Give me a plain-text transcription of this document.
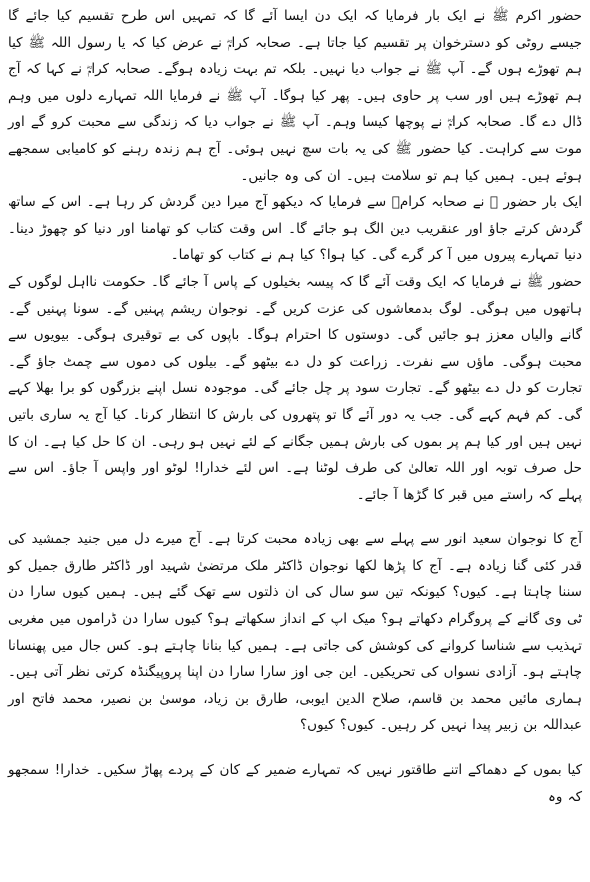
حضور اکرم ﷺ نے ایک بار فرمایا کہ ایک دن ایسا آئے گا کہ تمہیں اس طرح تقسیم کیا جائے گا جیسے روٹی کو دسترخوان پر تقسیم کیا جاتا ہے۔ صحابہ کرامؓ نے عرض کیا کہ یا رسول اللہ ﷺ کیا ہم تھوڑے ہوں گے۔ آپ ﷺ نے جواب دیا نہیں۔ بلکہ تم بہت زیادہ ہوگے۔ صحابہ کرامؓ نے کہا کہ آج ہم تھوڑے ہیں اور سب پر حاوی ہیں۔ پھر کیا ہوگا۔ آپ ﷺ نے فرمایا اللہ تمہارے دلوں میں وہم ڈال دے گا۔ صحابہ کرامؓ نے پوچھا کیسا وہم۔ آپ ﷺ نے جواب دیا کہ زندگی سے محبت کرو گے اور موت سے کراہت۔ کیا حضور ﷺ کی یہ بات سچ نہیں ہوئی۔ آج ہم زندہ رہنے کو کامیابی سمجھے ہوئے ہیں۔ ہمیں کیا ہم تو سلامت ہیں۔ ان کی وہ جانیں۔

ایک بار حضور ﷺ نے صحابہ کرامؓ سے فرمایا کہ دیکھو آج میرا دین گردش کر رہا ہے۔ اس کے ساتھ گردش کرتے جاؤ اور عنقریب دین الگ ہو جائے گا۔ اس وقت کتاب کو تھامنا اور دنیا کو چھوڑ دینا۔ دنیا تمہارے پیروں میں آ کر گرے گی۔ کیا ہوا؟ کیا ہم نے کتاب کو تھاما۔

حضور ﷺ نے فرمایا کہ ایک وقت آئے گا کہ پیسہ بخیلوں کے پاس آ جائے گا۔ حکومت نااہل لوگوں کے ہاتھوں میں ہوگی۔ لوگ بدمعاشوں کی عزت کریں گے۔ نوجوان ریشم پہنیں گے۔ سونا پہنیں گے۔ گانے والیاں معزز ہو جائیں گی۔ دوستوں کا احترام ہوگا۔ باپوں کی بے توقیری ہوگی۔ بیویوں سے محبت ہوگی۔ ماؤں سے نفرت۔ زراعت کو دل دے بیٹھو گے۔ بیلوں کی دموں سے چمٹ جاؤ گے۔ تجارت کو دل دے بیٹھو گے۔ تجارت سود پر چل جائے گی۔ موجودہ نسل اپنے بزرگوں کو برا بھلا کہے گی۔ کم فہم کہے گی۔ جب یہ دور آئے گا تو پتھروں کی بارش کا انتظار کرنا۔ کیا آج یہ ساری باتیں نہیں ہیں اور کیا ہم پر بموں کی بارش ہمیں جگانے کے لئے نہیں ہو رہی۔ ان کا حل کیا ہے۔ ان کا حل صرف توبہ اور اللہ تعالیٰ کی طرف لوٹنا ہے۔ اس لئے خدارا! لوٹو اور واپس آ جاؤ۔ اس سے پہلے کہ راستے میں قبر کا گڑھا آ جائے۔

آج کا نوجوان سعید انور سے پہلے سے بھی زیادہ محبت کرتا ہے۔ آج میرے دل میں جنید جمشید کی قدر کئی گنا زیادہ ہے۔ آج کا پڑھا لکھا نوجوان ڈاکٹر ملک مرتضیٰ شہید اور ڈاکٹر طارق جمیل کو سننا چاہتا ہے۔ کیوں؟ کیونکہ تین سو سال کی ان ذلتوں سے تھک گئے ہیں۔ ہمیں کیوں سارا دن ٹی وی گانے کے پروگرام دکھاتے ہو؟ میک اپ کے انداز سکھاتے ہو؟ کیوں سارا دن ڈراموں میں مغربی تہذیب سے شناسا کروانے کی کوشش کی جاتی ہے۔ ہمیں کیا بنانا چاہتے ہو۔ کس جال میں پھنسانا چاہتے ہو۔ آزادی نسواں کی تحریکیں۔ این جی اوز سارا سارا دن اپنا پروپیگنڈہ کرتی نظر آتی ہیں۔ ہماری مائیں محمد بن قاسم، صلاح الدین ایوبی، طارق بن زیاد، موسیٰ بن نصیر، محمد فاتح اور عبداللہ بن زبیر پیدا نہیں کر رہیں۔ کیوں؟ کیوں؟

کیا بموں کے دھماکے اتنے طاقتور نہیں کہ تمہارے ضمیر کے کان کے پردے پھاڑ سکیں۔ خدارا! سمجھو کہ وہ
